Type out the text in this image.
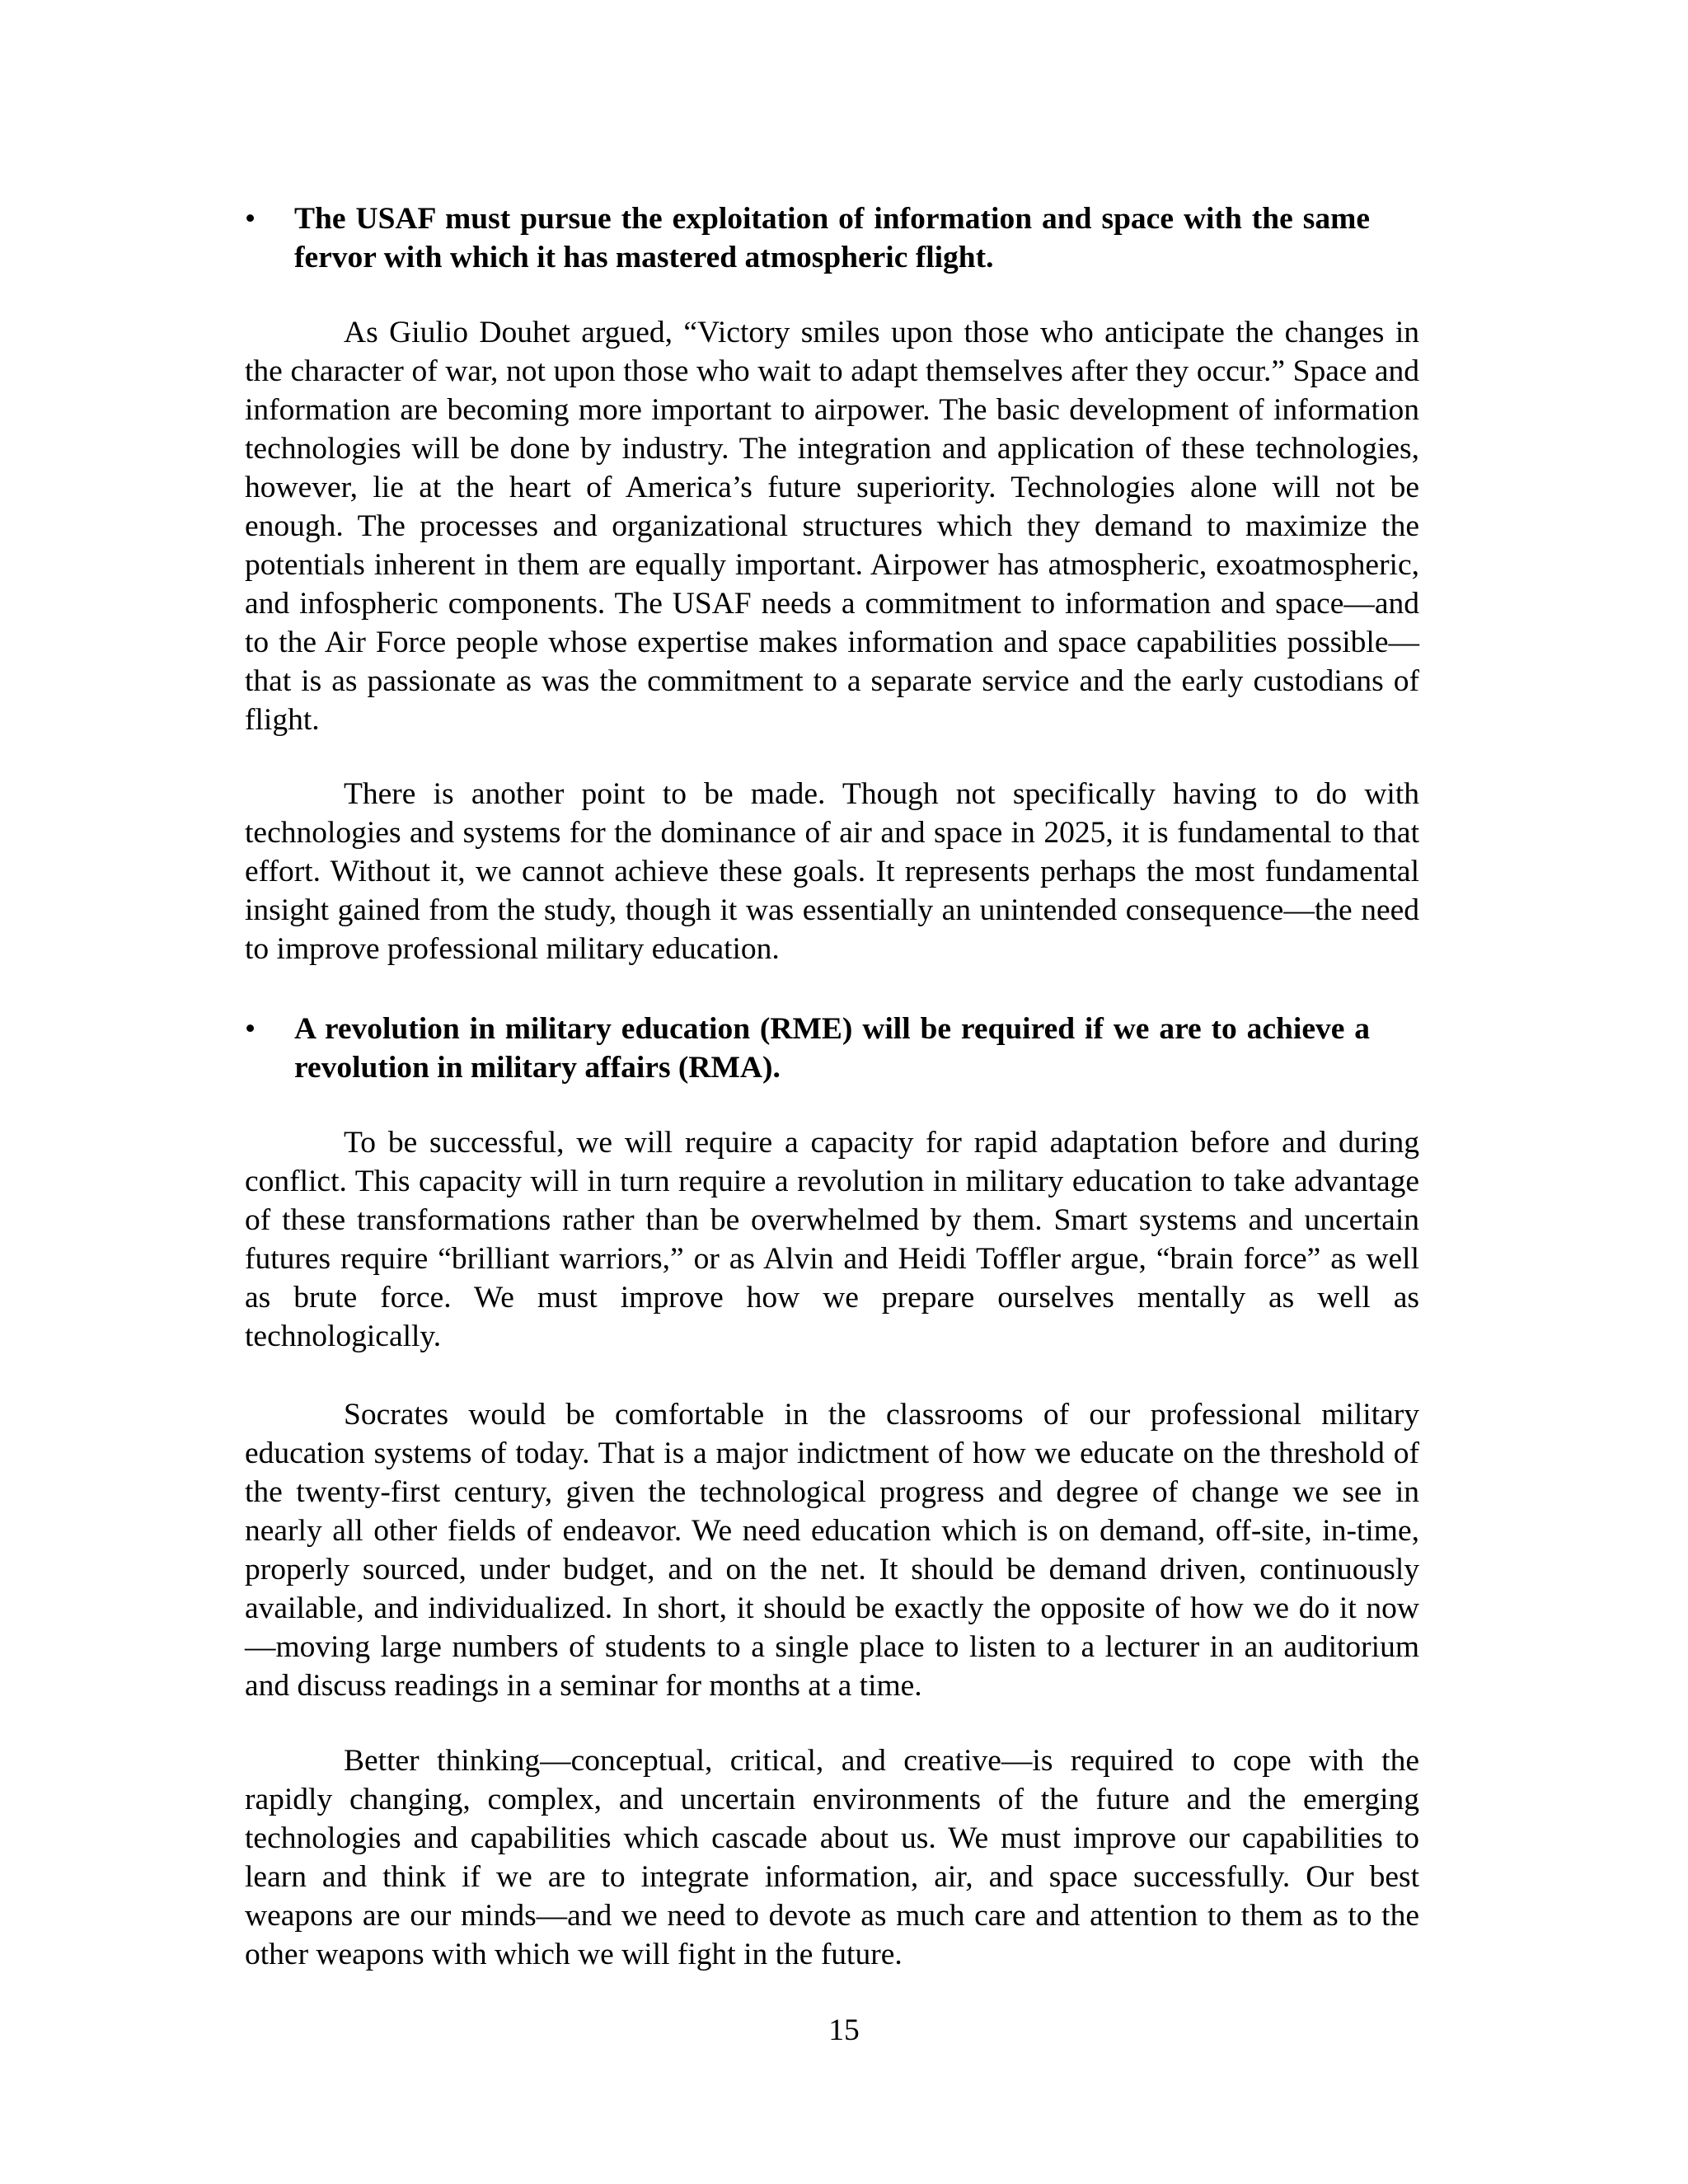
• The USAF must pursue the exploitation of information and space with the same fervor with which it has mastered atmospheric flight.

As Giulio Douhet argued, “Victory smiles upon those who anticipate the changes in the character of war, not upon those who wait to adapt themselves after they occur.” Space and information are becoming more important to airpower. The basic development of information technologies will be done by industry. The integration and application of these technologies, however, lie at the heart of America’s future superiority. Technologies alone will not be enough. The processes and organizational structures which they demand to maximize the potentials inherent in them are equally important. Airpower has atmospheric, exoatmospheric, and infospheric components. The USAF needs a commitment to information and space—and to the Air Force people whose expertise makes information and space capabilities possible—that is as passionate as was the commitment to a separate service and the early custodians of flight.

There is another point to be made. Though not specifically having to do with technologies and systems for the dominance of air and space in 2025, it is fundamental to that effort. Without it, we cannot achieve these goals. It represents perhaps the most fundamental insight gained from the study, though it was essentially an unintended consequence—the need to improve professional military education.

• A revolution in military education (RME) will be required if we are to achieve a revolution in military affairs (RMA).

To be successful, we will require a capacity for rapid adaptation before and during conflict. This capacity will in turn require a revolution in military education to take advantage of these transformations rather than be overwhelmed by them. Smart systems and uncertain futures require “brilliant warriors,” or as Alvin and Heidi Toffler argue, “brain force” as well as brute force. We must improve how we prepare ourselves mentally as well as technologically.

Socrates would be comfortable in the classrooms of our professional military education systems of today. That is a major indictment of how we educate on the threshold of the twenty-first century, given the technological progress and degree of change we see in nearly all other fields of endeavor. We need education which is on demand, off-site, in-time, properly sourced, under budget, and on the net. It should be demand driven, continuously available, and individualized. In short, it should be exactly the opposite of how we do it now—moving large numbers of students to a single place to listen to a lecturer in an auditorium and discuss readings in a seminar for months at a time.

Better thinking—conceptual, critical, and creative—is required to cope with the rapidly changing, complex, and uncertain environments of the future and the emerging technologies and capabilities which cascade about us. We must improve our capabilities to learn and think if we are to integrate information, air, and space successfully. Our best weapons are our minds—and we need to devote as much care and attention to them as to the other weapons with which we will fight in the future.

15
